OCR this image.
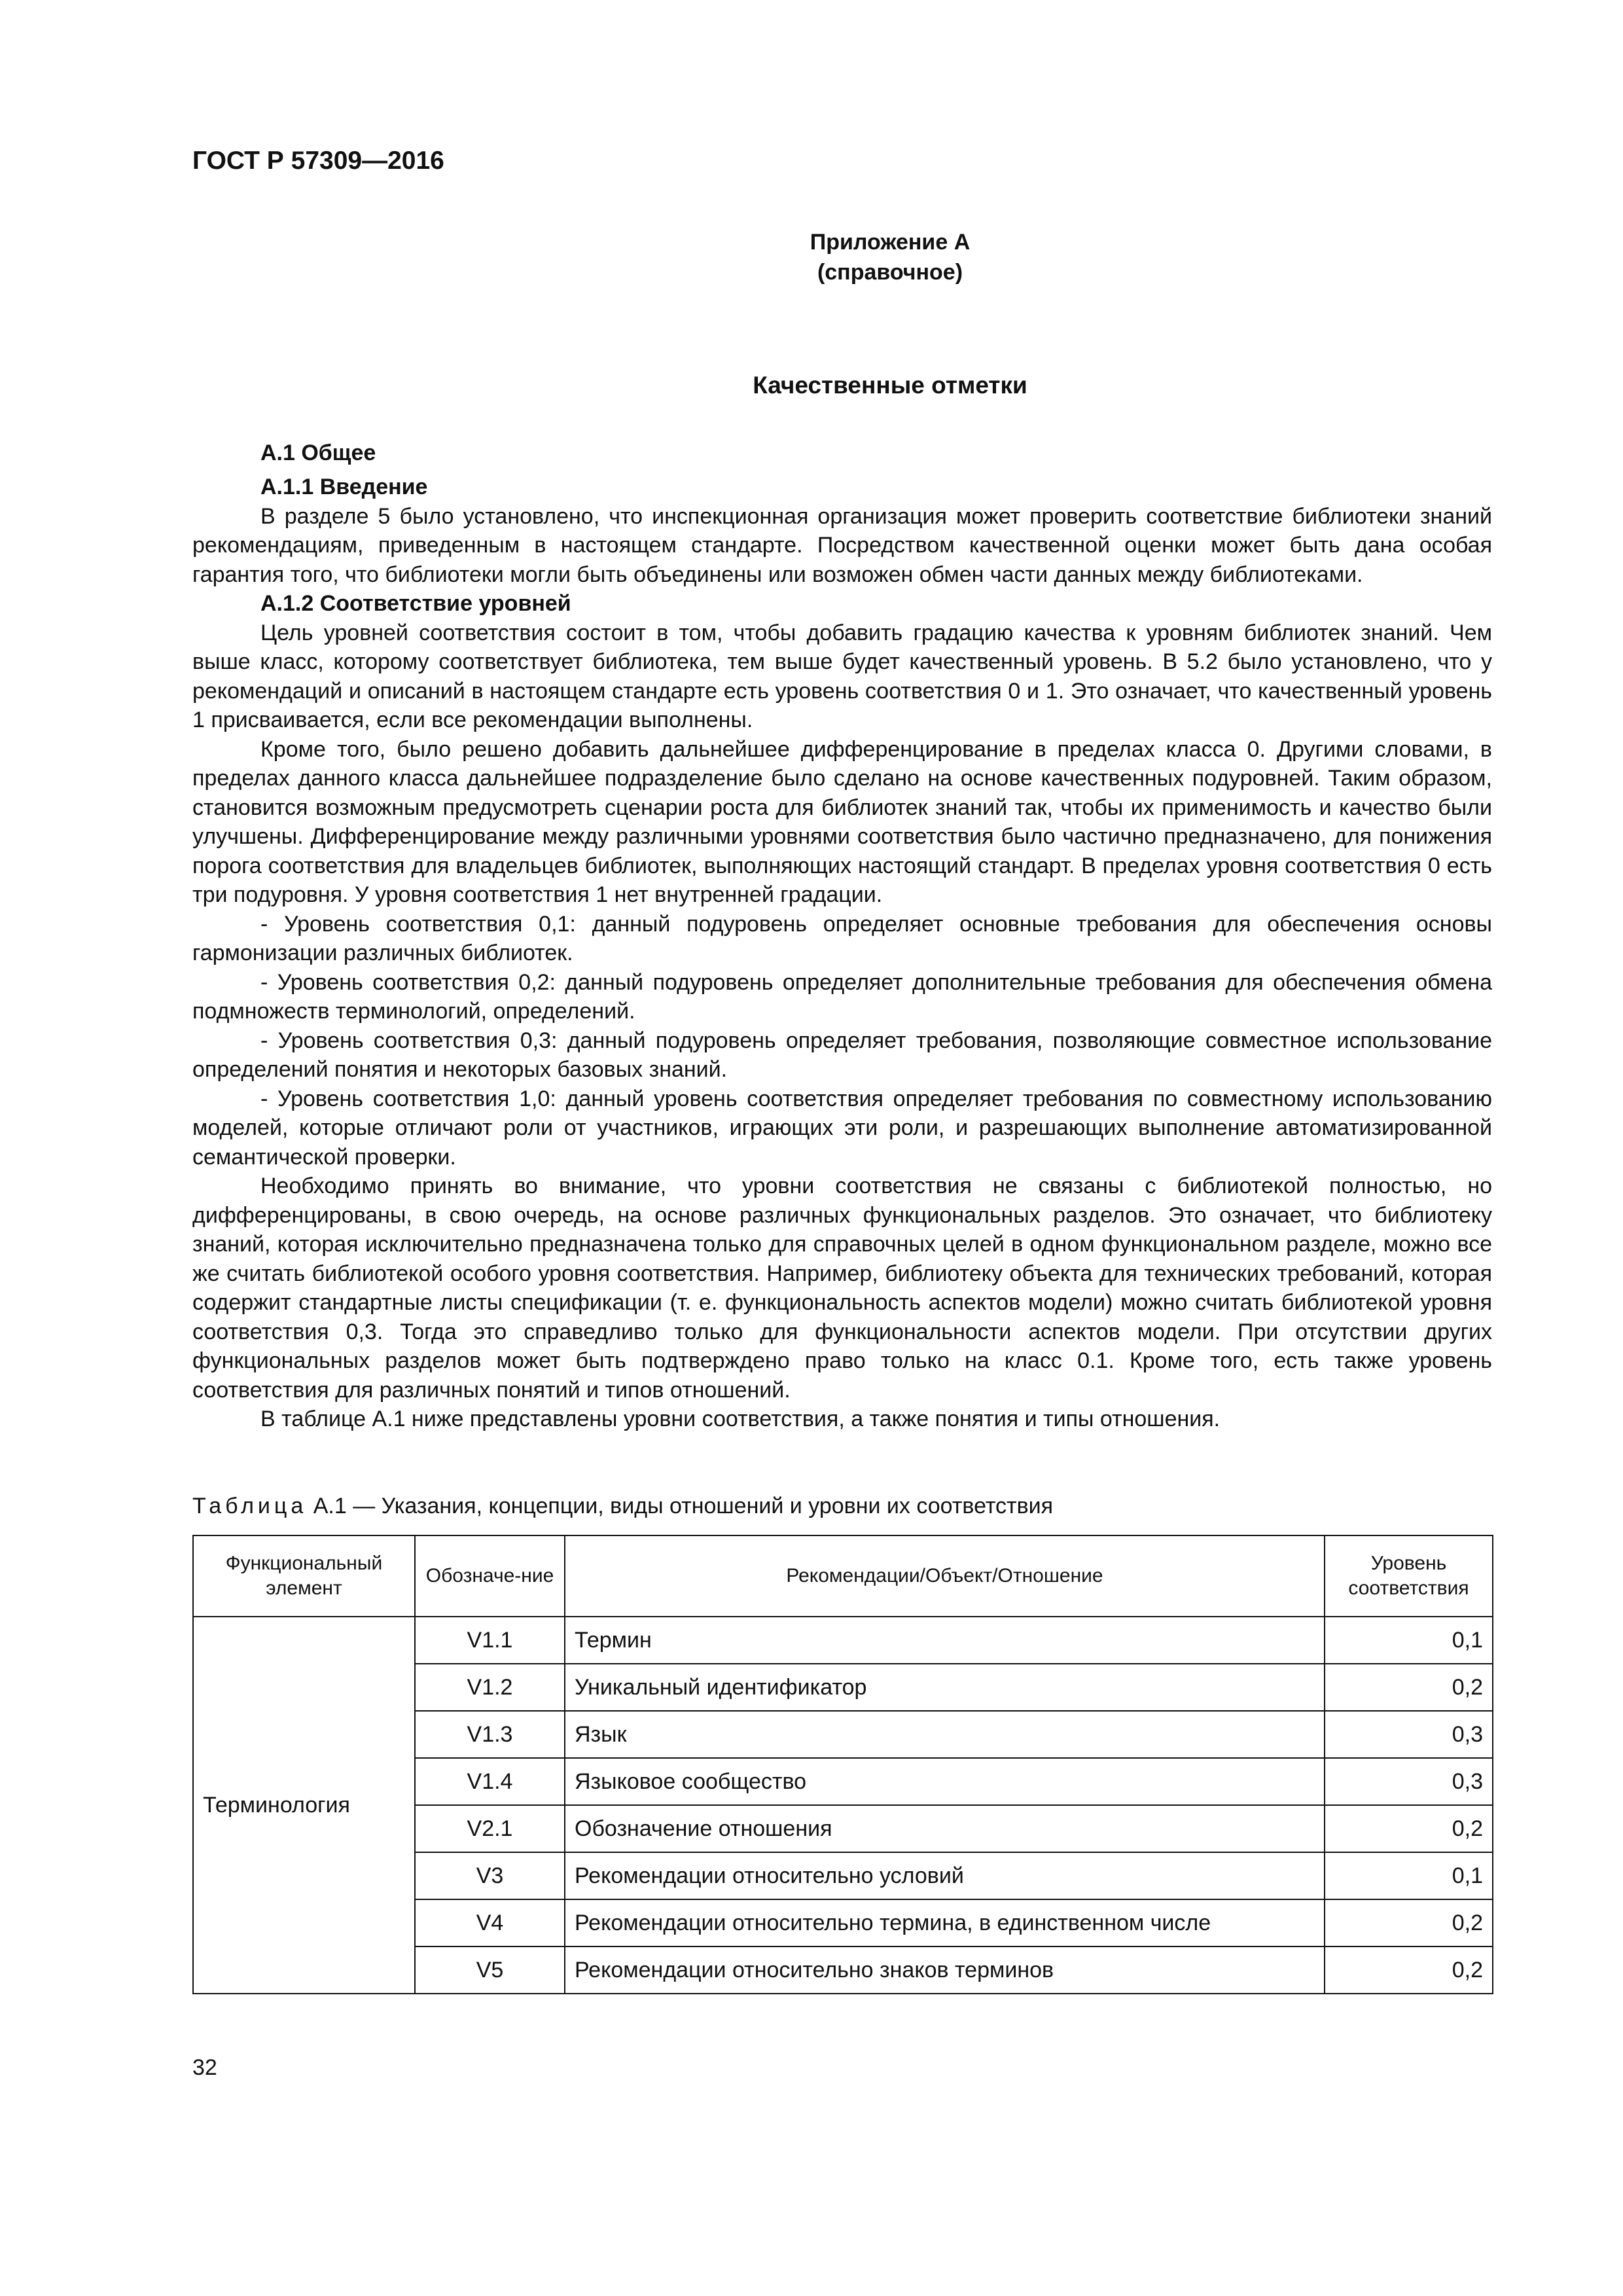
ГОСТ Р 57309—2016
Приложение А
(справочное)
Качественные отметки
А.1 Общее
А.1.1 Введение

В разделе 5 было установлено, что инспекционная организация может проверить соответствие библиотеки знаний рекомендациям, приведенным в настоящем стандарте. Посредством качественной оценки может быть дана особая гарантия того, что библиотеки могли быть объединены или возможен обмен части данных между библиотеками.

А.1.2 Соответствие уровней

Цель уровней соответствия состоит в том, чтобы добавить градацию качества к уровням библиотек знаний. Чем выше класс, которому соответствует библиотека, тем выше будет качественный уровень. В 5.2 было установлено, что у рекомендаций и описаний в настоящем стандарте есть уровень соответствия 0 и 1. Это означает, что качественный уровень 1 присваивается, если все рекомендации выполнены.

Кроме того, было решено добавить дальнейшее дифференцирование в пределах класса 0. Другими словами, в пределах данного класса дальнейшее подразделение было сделано на основе качественных подуровней. Таким образом, становится возможным предусмотреть сценарии роста для библиотек знаний так, чтобы их применимость и качество были улучшены. Дифференцирование между различными уровнями соответствия было частично предназначено, для понижения порога соответствия для владельцев библиотек, выполняющих настоящий стандарт. В пределах уровня соответствия 0 есть три подуровня. У уровня соответствия 1 нет внутренней градации.

- Уровень соответствия 0,1: данный подуровень определяет основные требования для обеспечения основы гармонизации различных библиотек.

- Уровень соответствия 0,2: данный подуровень определяет дополнительные требования для обеспечения обмена подмножеств терминологий, определений.

- Уровень соответствия 0,3: данный подуровень определяет требования, позволяющие совместное использование определений понятия и некоторых базовых знаний.

- Уровень соответствия 1,0: данный уровень соответствия определяет требования по совместному использованию моделей, которые отличают роли от участников, играющих эти роли, и разрешающих выполнение автоматизированной семантической проверки.

Необходимо принять во внимание, что уровни соответствия не связаны с библиотекой полностью, но дифференцированы, в свою очередь, на основе различных функциональных разделов. Это означает, что библиотеку знаний, которая исключительно предназначена только для справочных целей в одном функциональном разделе, можно все же считать библиотекой особого уровня соответствия. Например, библиотеку объекта для технических требований, которая содержит стандартные листы спецификации (т. е. функциональность аспектов модели) можно считать библиотекой уровня соответствия 0,3. Тогда это справедливо только для функциональности аспектов модели. При отсутствии других функциональных разделов может быть подтверждено право только на класс 0.1. Кроме того, есть также уровень соответствия для различных понятий и типов отношений.

В таблице А.1 ниже представлены уровни соответствия, а также понятия и типы отношения.

Таблица А.1 — Указания, концепции, виды отношений и уровни их соответствия
Функциональный элемент	Обозначе-ние	Рекомендации/Объект/Отношение	Уровень соответствия
Терминология	V1.1	Термин	0,1
	V1.2	Уникальный идентификатор	0,2
	V1.3	Язык	0,3
	V1.4	Языковое сообщество	0,3
	V2.1	Обозначение отношения	0,2
	V3	Рекомендации относительно условий	0,1
	V4	Рекомендации относительно термина, в единственном числе	0,2
	V5	Рекомендации относительно знаков терминов	0,2
32
